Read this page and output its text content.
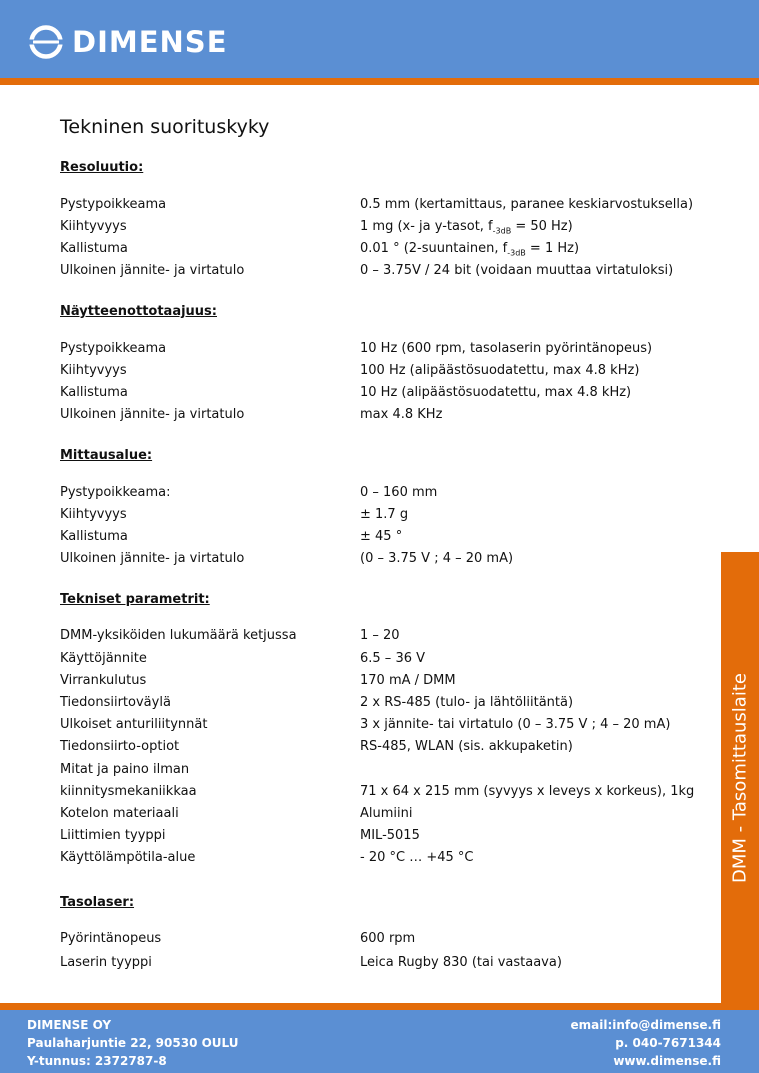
DIMENSE
Tekninen suorituskyky
Resoluutio:
Pystypoikkeama	0.5 mm (kertamittaus, paranee keskiarvostuksella)
Kiihtyvyys	1 mg (x- ja y-tasot, $f_{-3dB} = 50$ Hz)
Kallistuma	0.01 ° (2-suuntainen, $f_{-3dB} = 1$ Hz)
Ulkoinen jännite- ja virtatulo	0 – 3.75V / 24 bit (voidaan muuttaa virtatuloksi)
Näytteenottotaajuus:
Pystypoikkeama	10 Hz (600 rpm, tasolaserin pyörintänopeus)
Kiihtyvyys	100 Hz (alipäästösuodatettu, max 4.8 kHz)
Kallistuma	10 Hz (alipäästösuodatettu, max 4.8 kHz)
Ulkoinen jännite- ja virtatulo	max 4.8 KHz
Mittausalue:
Pystypoikkeama:	0 – 160 mm
Kiihtyvyys	± 1.7 g
Kallistuma	± 45 °
Ulkoinen jännite- ja virtatulo	(0 – 3.75 V ; 4 – 20 mA)
Tekniset parametrit:
DMM-yksiköiden lukumäärä ketjussa	1 – 20
Käyttöjännite	6.5 – 36 V
Virrankulutus	170 mA / DMM
Tiedonsiirtoväylä	2 x RS-485 (tulo- ja lähtöliitäntä)
Ulkoiset anturiliitynnät	3 x jännite- tai virtatulo (0 – 3.75 V ; 4 – 20 mA)
Tiedonsiirto-optiot	RS-485, WLAN (sis. akkupaketin)
Mitat ja paino ilman
kiinnitysmekaniikkaa	71 x 64 x 215 mm (syvyys x leveys x korkeus), 1kg
Kotelon materiaali	Alumiini
Liittimien tyyppi	MIL-5015
Käyttölämpötila-alue	- 20 °C … +45 °C
Tasolaser:
Pyörintänopeus	600 rpm
Laserin tyyppi	Leica Rugby 830 (tai vastaava)
DMM - Tasomittauslaite
DIMENSE OY
Paulaharjuntie 22, 90530 OULU
Y-tunnus: 2372787-8
email:info@dimense.fi
p. 040-7671344
www.dimense.fi
